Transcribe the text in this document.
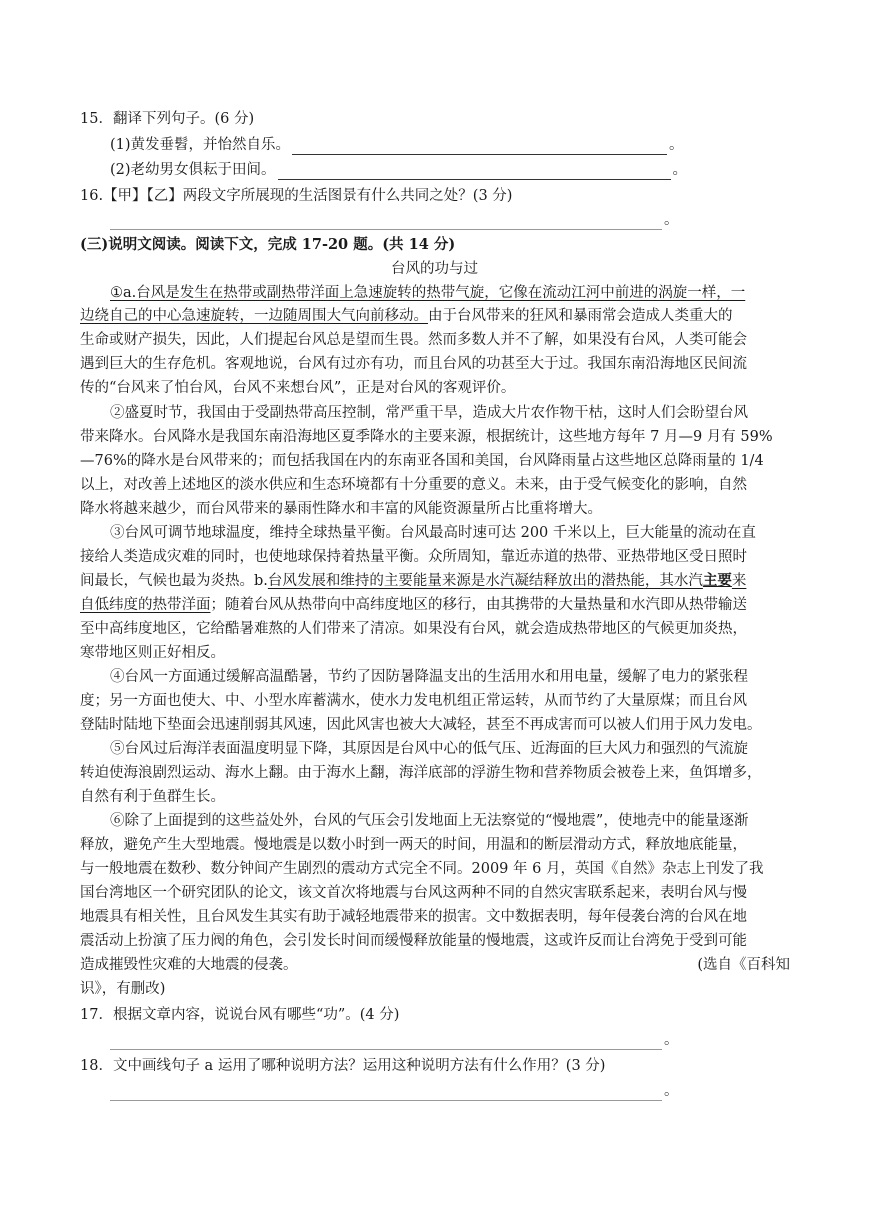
15．翻译下列句子。(6 分)
(1)黄发垂髫，并怡然自乐。	。
(2)老幼男女俱耘于田间。	。
16.【甲】【乙】两段文字所展现的生活图景有什么共同之处？(3 分)
。
(三)说明文阅读。阅读下文，完成 17-20 题。(共 14 分)
台风的功与过
①a.台风是发生在热带或副热带洋面上急速旋转的热带气旋，它像在流动江河中前进的涡旋一样，一
边绕自己的中心急速旋转，一边随周围大气向前移动。由于台风带来的狂风和暴雨常会造成人类重大的
生命或财产损失，因此，人们提起台风总是望而生畏。然而多数人并不了解，如果没有台风，人类可能会
遇到巨大的生存危机。客观地说，台风有过亦有功，而且台风的功甚至大于过。我国东南沿海地区民间流
传的“台风来了怕台风，台风不来想台风”，正是对台风的客观评价。
②盛夏时节，我国由于受副热带高压控制，常严重干旱，造成大片农作物干枯，这时人们会盼望台风
带来降水。台风降水是我国东南沿海地区夏季降水的主要来源，根据统计，这些地方每年 7 月—9 月有 59%
—76%的降水是台风带来的；而包括我国在内的东南亚各国和美国，台风降雨量占这些地区总降雨量的 1/4
以上，对改善上述地区的淡水供应和生态环境都有十分重要的意义。未来，由于受气候变化的影响，自然
降水将越来越少，而台风带来的暴雨性降水和丰富的风能资源量所占比重将增大。
③台风可调节地球温度，维持全球热量平衡。台风最高时速可达 200 千米以上，巨大能量的流动在直
接给人类造成灾难的同时，也使地球保持着热量平衡。众所周知，靠近赤道的热带、亚热带地区受日照时
间最长，气候也最为炎热。b.台风发展和维持的主要能量来源是水汽凝结释放出的潜热能，其水汽主要来
自低纬度的热带洋面；随着台风从热带向中高纬度地区的移行，由其携带的大量热量和水汽即从热带输送
至中高纬度地区，它给酷暑难熬的人们带来了清凉。如果没有台风，就会造成热带地区的气候更加炎热，
寒带地区则正好相反。
④台风一方面通过缓解高温酷暑，节约了因防暑降温支出的生活用水和用电量，缓解了电力的紧张程
度；另一方面也使大、中、小型水库蓄满水，使水力发电机组正常运转，从而节约了大量原煤；而且台风
登陆时陆地下垫面会迅速削弱其风速，因此风害也被大大减轻，甚至不再成害而可以被人们用于风力发电。
⑤台风过后海洋表面温度明显下降，其原因是台风中心的低气压、近海面的巨大风力和强烈的气流旋
转迫使海浪剧烈运动、海水上翻。由于海水上翻，海洋底部的浮游生物和营养物质会被卷上来，鱼饵增多，
自然有利于鱼群生长。
⑥除了上面提到的这些益处外，台风的气压会引发地面上无法察觉的“慢地震”，使地壳中的能量逐渐
释放，避免产生大型地震。慢地震是以数小时到一两天的时间，用温和的断层滑动方式，释放地底能量，
与一般地震在数秒、数分钟间产生剧烈的震动方式完全不同。2009 年 6 月，英国《自然》杂志上刊发了我
国台湾地区一个研究团队的论文，该文首次将地震与台风这两种不同的自然灾害联系起来，表明台风与慢
地震具有相关性，且台风发生其实有助于减轻地震带来的损害。文中数据表明，每年侵袭台湾的台风在地
震活动上扮演了压力阀的角色，会引发长时间而缓慢释放能量的慢地震，这或许反而让台湾免于受到可能
造成摧毁性灾难的大地震的侵袭。	(选自《百科知
识》，有删改)
17．根据文章内容，说说台风有哪些“功”。(4 分)
。
18．文中画线句子 a 运用了哪种说明方法？运用这种说明方法有什么作用？(3 分)
。
